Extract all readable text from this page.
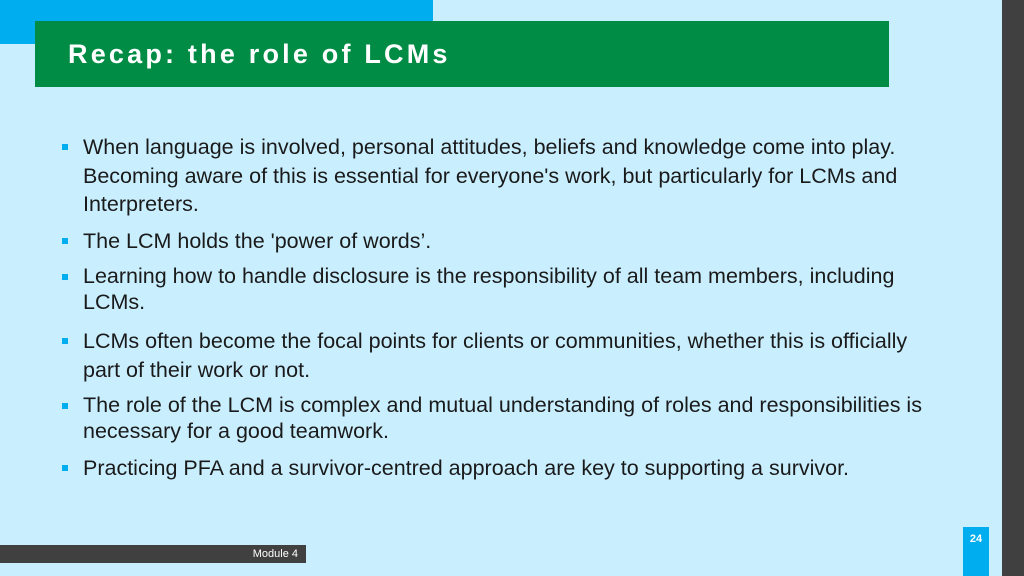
Recap: the role of LCMs
When language is involved, personal attitudes, beliefs and knowledge come into play. Becoming aware of this is essential for everyone's work, but particularly for LCMs and Interpreters.
The LCM holds the 'power of words’.
Learning how to handle disclosure is the responsibility of all team members, including LCMs.
LCMs often become the focal points for clients or communities, whether this is officially part of their work or not.
The role of the LCM is complex and mutual understanding of roles and responsibilities is necessary for a good teamwork.
Practicing PFA and a survivor-centred approach are key to supporting a survivor.
Module 4
24
